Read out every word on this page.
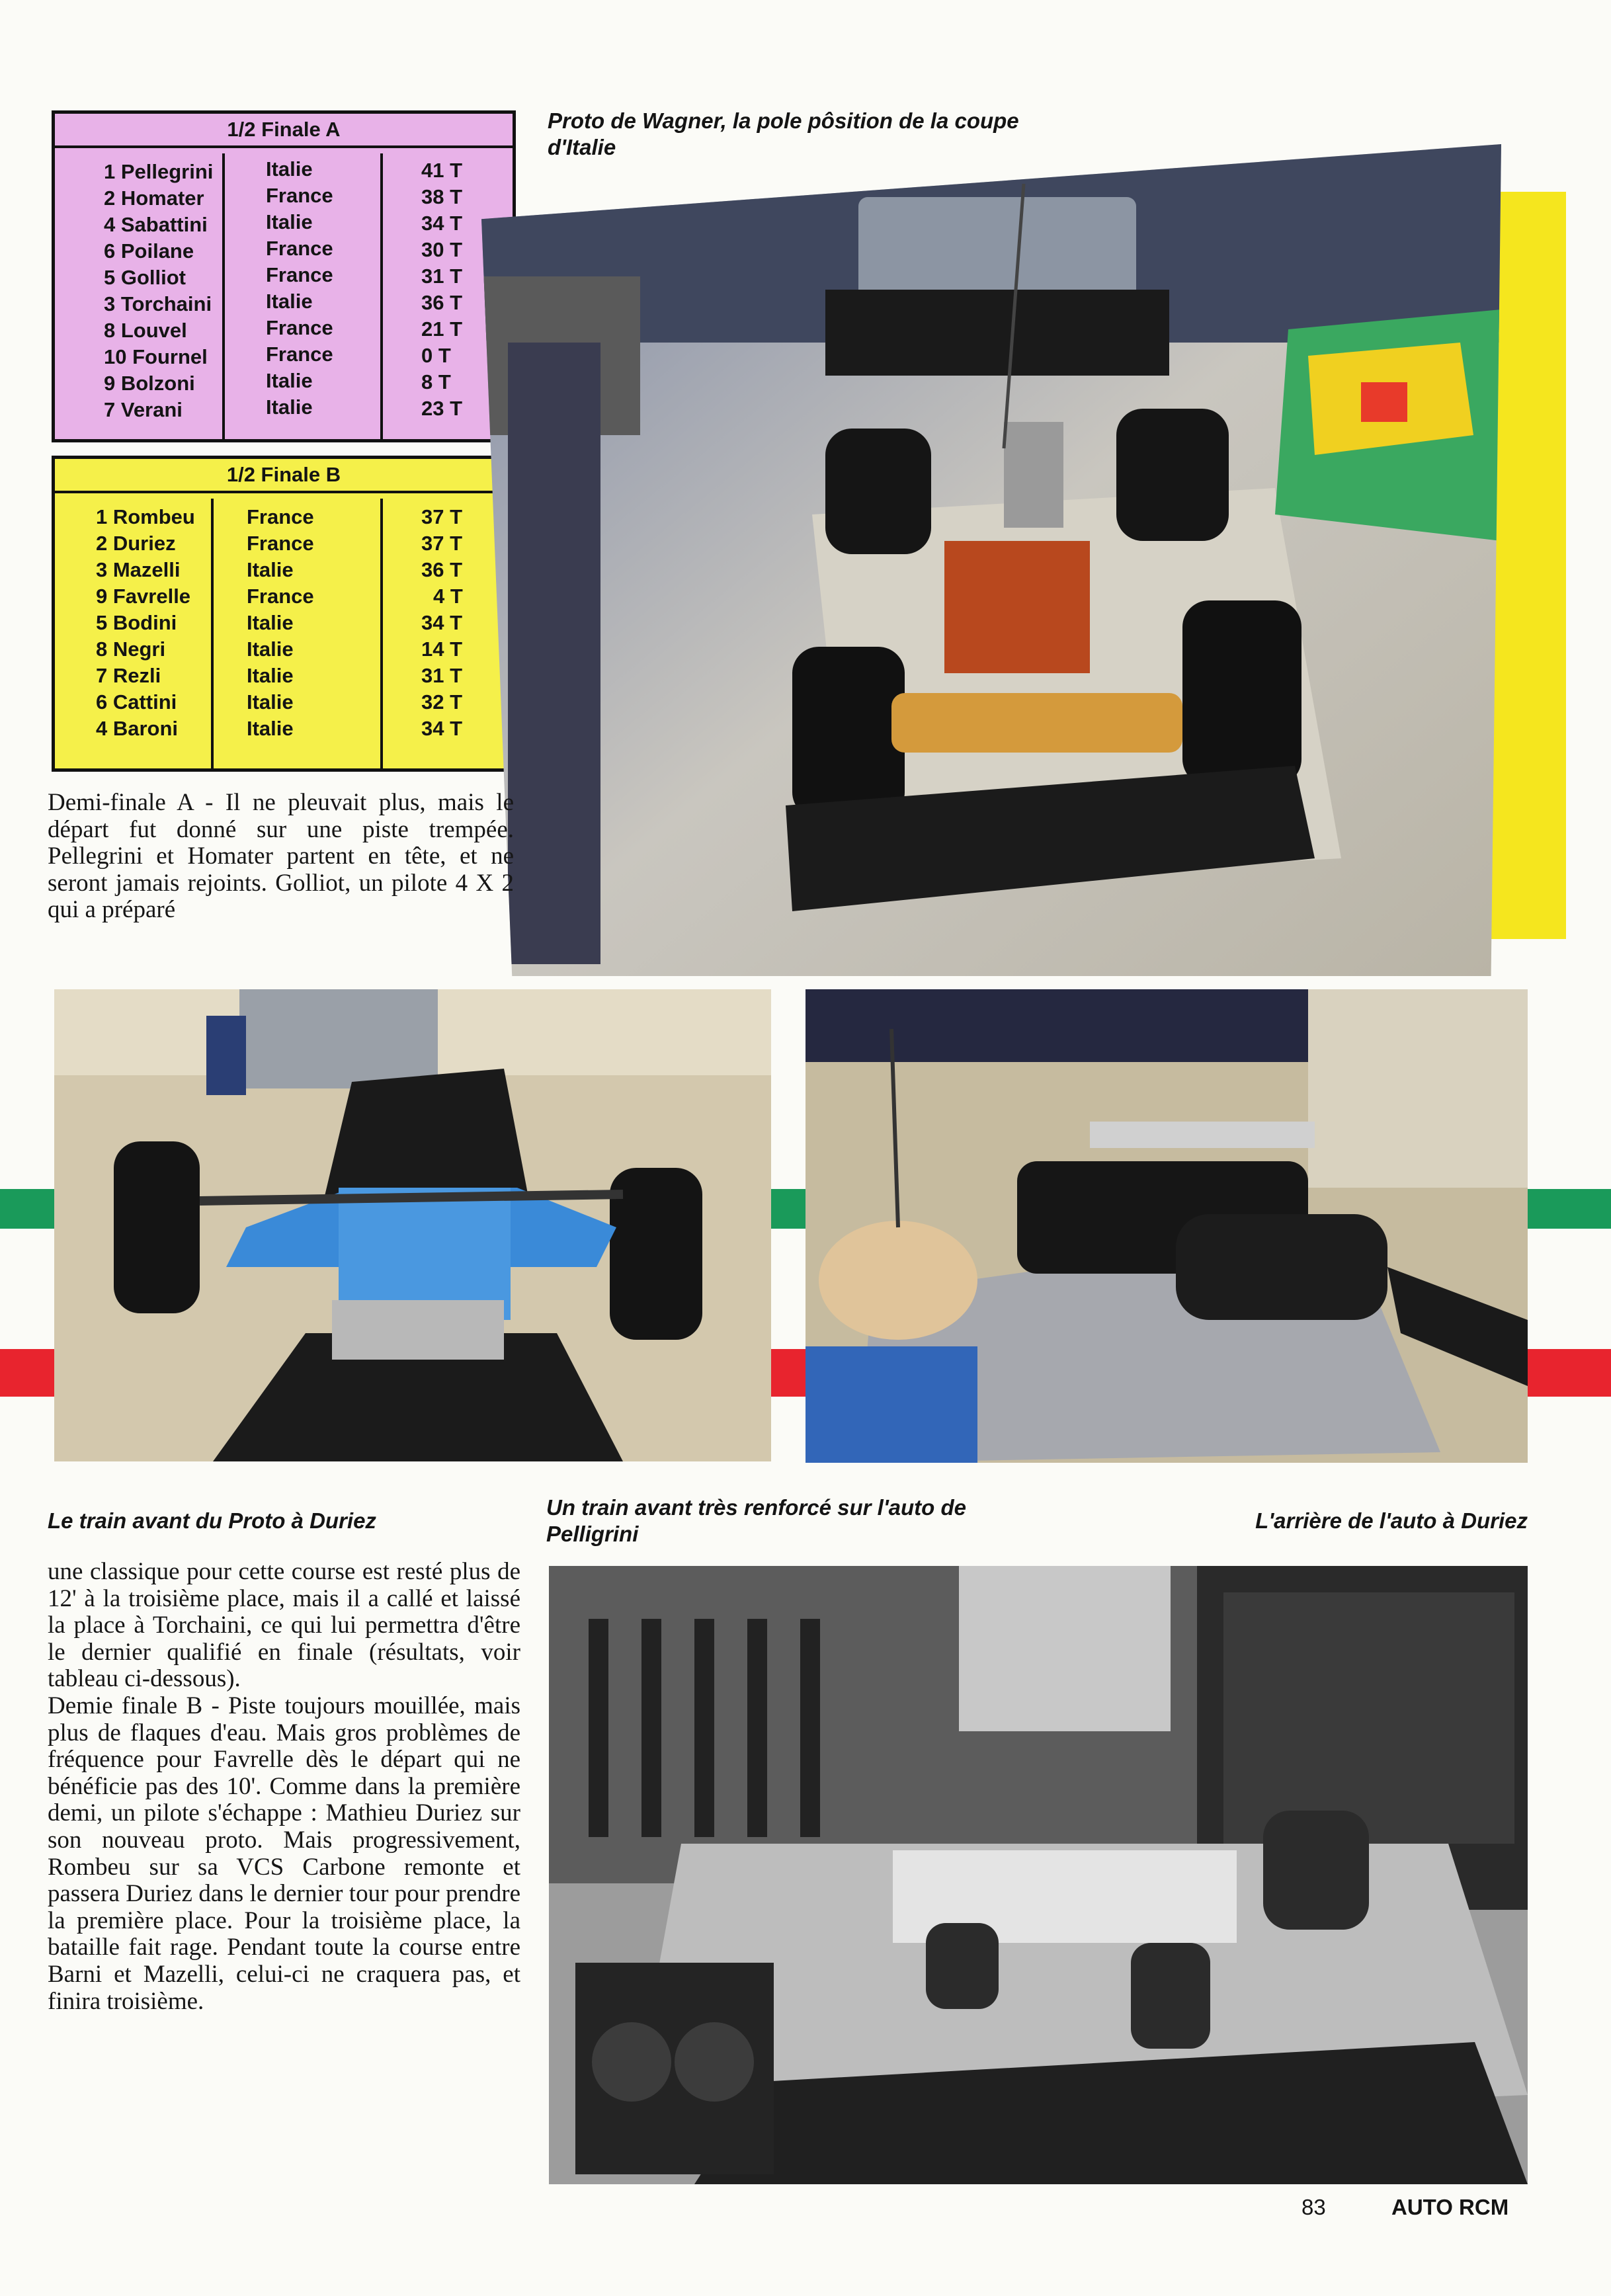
1/2 Finale A
1 Pellegrini
2 Homater
4 Sabattini
6 Poilane
5 Golliot
3 Torchaini
8 Louvel
10 Fournel
9 Bolzoni
7 Verani
Italie
France
Italie
France
France
Italie
France
France
Italie
Italie
41 T
38 T
34 T
30 T
31 T
36 T
21 T
0 T
8 T
23 T
1/2 Finale B
1 Rombeu
2 Duriez
3 Mazelli
9 Favrelle
5 Bodini
8 Negri
7 Rezli
6 Cattini
4 Baroni
France
France
Italie
France
Italie
Italie
Italie
Italie
Italie
37 T
37 T
36 T
4 T
34 T
14 T
31 T
32 T
34 T
Proto de Wagner, la pole pôsition de la coupe d'Italie

Demi-finale A - Il ne pleuvait plus, mais le départ fut donné sur une piste trempée. Pellegrini et Homater partent en tête, et ne seront jamais rejoints. Golliot, un pilote 4 X 2 qui a préparé

Le train avant du Proto à Duriez
Un train avant très renforcé sur l'auto de Pelligrini
L'arrière de l'auto à Duriez

une classique pour cette course est resté plus de 12' à la troisième place, mais il a callé et laissé la place à Torchaini, ce qui lui permettra d'être le dernier qualifié en finale (résultats, voir tableau ci-dessous).

Demie finale B - Piste toujours mouillée, mais plus de flaques d'eau. Mais gros problèmes de fréquence pour Favrelle dès le départ qui ne bénéficie pas des 10'. Comme dans la première demi, un pilote s'échappe : Mathieu Duriez sur son nouveau proto. Mais progressivement, Rombeu sur sa VCS Carbone remonte et passera Duriez dans le dernier tour pour prendre la première place. Pour la troisième place, la bataille fait rage. Pendant toute la course entre Barni et Mazelli, celui-ci ne craquera pas, et finira troisième.

83	AUTO RCM
